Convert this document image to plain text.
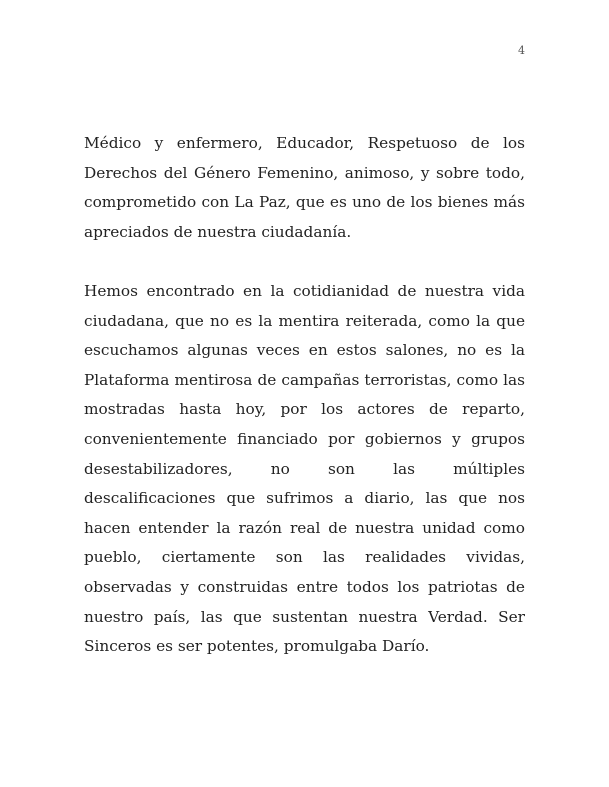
4

Médico y enfermero, Educador, Respetuoso de los Derechos del Género Femenino, animoso, y sobre todo, comprometido con La Paz, que es uno de los bienes más apreciados de nuestra ciudadanía.

Hemos encontrado en la cotidianidad de nuestra vida ciudadana, que no es la mentira reiterada, como la que escuchamos algunas veces en estos salones, no es la Plataforma mentirosa de campañas terroristas, como las mostradas hasta hoy, por los actores de reparto, convenientemente financiado por gobiernos y grupos desestabilizadores, no son las múltiples descalificaciones que sufrimos a diario, las que nos hacen entender la razón real de nuestra unidad como pueblo, ciertamente son las realidades vividas, observadas y construidas entre todos los patriotas de nuestro país, las que sustentan nuestra Verdad. Ser Sinceros es ser potentes, promulgaba Darío.
